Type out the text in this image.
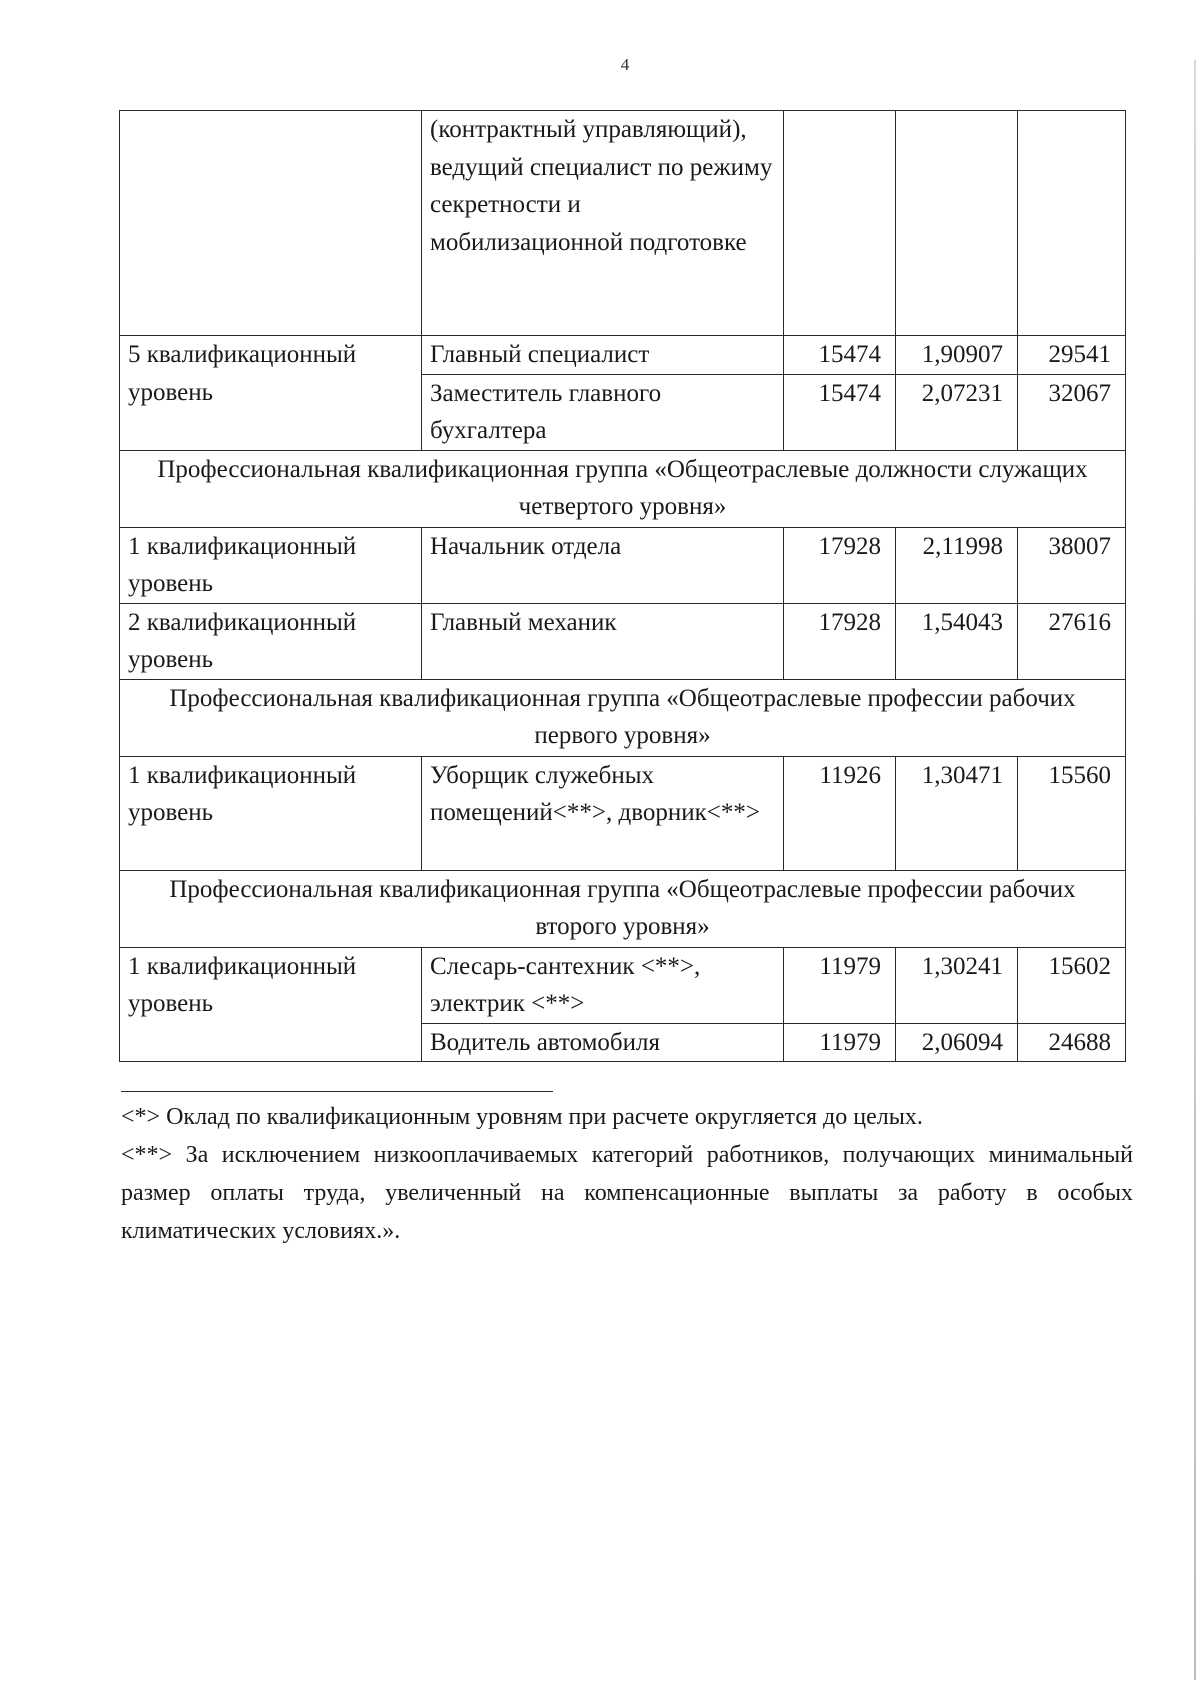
4
	(контрактный управляющий), ведущий специалист по режиму секретности и мобилизационной подготовке			
5 квалификационный уровень	Главный специалист	15474	1,90907	29541
	Заместитель главного бухгалтера	15474	2,07231	32067
Профессиональная квалификационная группа «Общеотраслевые должности служащих четвертого уровня»				
1 квалификационный уровень	Начальник отдела	17928	2,11998	38007
2 квалификационный уровень	Главный механик	17928	1,54043	27616
Профессиональная квалификационная группа «Общеотраслевые профессии рабочих первого уровня»				
1 квалификационный уровень	Уборщик служебных помещений<**>, дворник<**>	11926	1,30471	15560
Профессиональная квалификационная группа «Общеотраслевые профессии рабочих второго уровня»				
1 квалификационный уровень	Слесарь-сантехник <**>, электрик <**>	11979	1,30241	15602
	Водитель автомобиля	11979	2,06094	24688

<*> Оклад по квалификационным уровням при расчете округляется до целых.

<**> За исключением низкооплачиваемых категорий работников, получающих минимальный размер оплаты труда, увеличенный на компенсационные выплаты за работу в особых климатических условиях.».
